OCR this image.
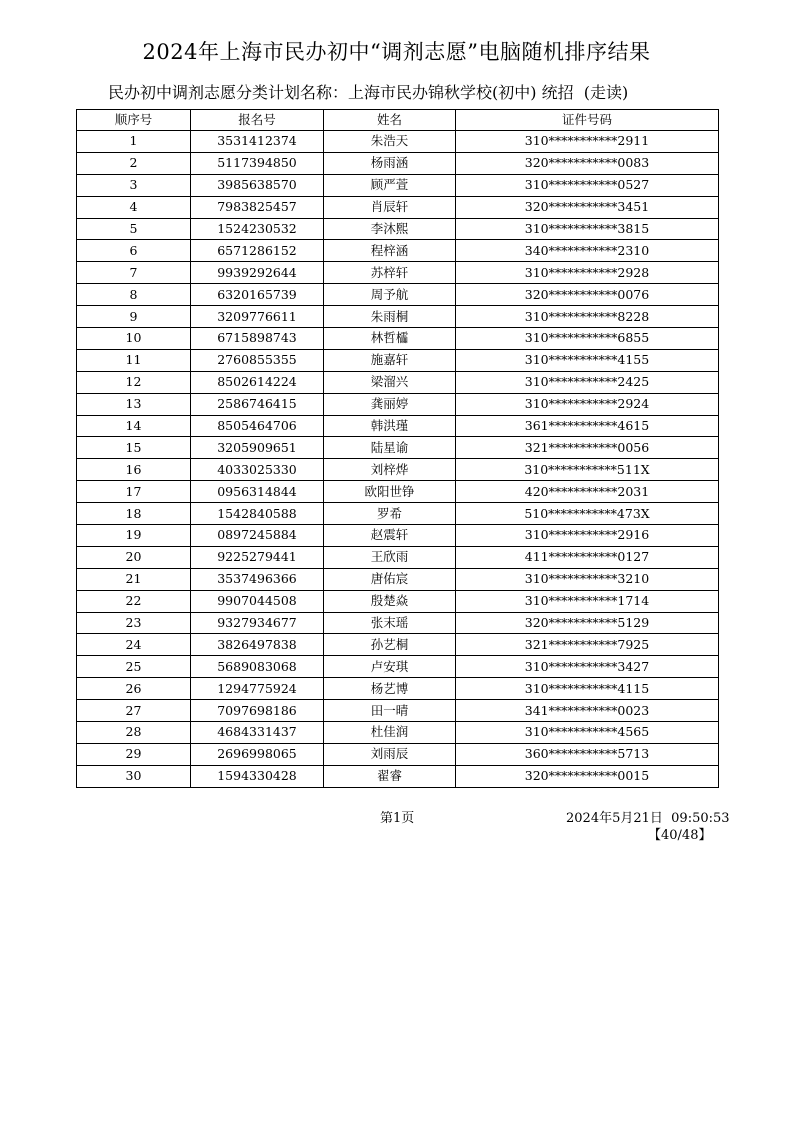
2024年上海市民办初中“调剂志愿”电脑随机排序结果
民办初中调剂志愿分类计划名称：上海市民办锦秋学校(初中) 统招  (走读)
顺序号	报名号	姓名	证件号码
1	3531412374	朱浩天	310***********2911
2	5117394850	杨雨涵	320***********0083
3	3985638570	顾严萱	310***********0527
4	7983825457	肖辰轩	320***********3451
5	1524230532	李沐熙	310***********3815
6	6571286152	程梓涵	340***********2310
7	9939292644	苏梓轩	310***********2928
8	6320165739	周予航	320***********0076
9	3209776611	朱雨桐	310***********8228
10	6715898743	林哲櫺	310***********6855
11	2760855355	施嘉轩	310***********4155
12	8502614224	梁溜兴	310***********2425
13	2586746415	龚丽婷	310***********2924
14	8505464706	韩洪瑾	361***********4615
15	3205909651	陆星谕	321***********0056
16	4033025330	刘梓烨	310***********511X
17	0956314844	欧阳世铮	420***********2031
18	1542840588	罗希	510***********473X
19	0897245884	赵震轩	310***********2916
20	9225279441	王欣雨	411***********0127
21	3537496366	唐佑宸	310***********3210
22	9907044508	殷楚焱	310***********1714
23	9327934677	张末瑶	320***********5129
24	3826497838	孙艺桐	321***********7925
25	5689083068	卢安琪	310***********3427
26	1294775924	杨艺博	310***********4115
27	7097698186	田一晴	341***********0023
28	4684331437	杜佳润	310***********4565
29	2696998065	刘雨辰	360***********5713
30	1594330428	翟睿	320***********0015
第1页	2024年5月21日  09:50:53
【40/48】
